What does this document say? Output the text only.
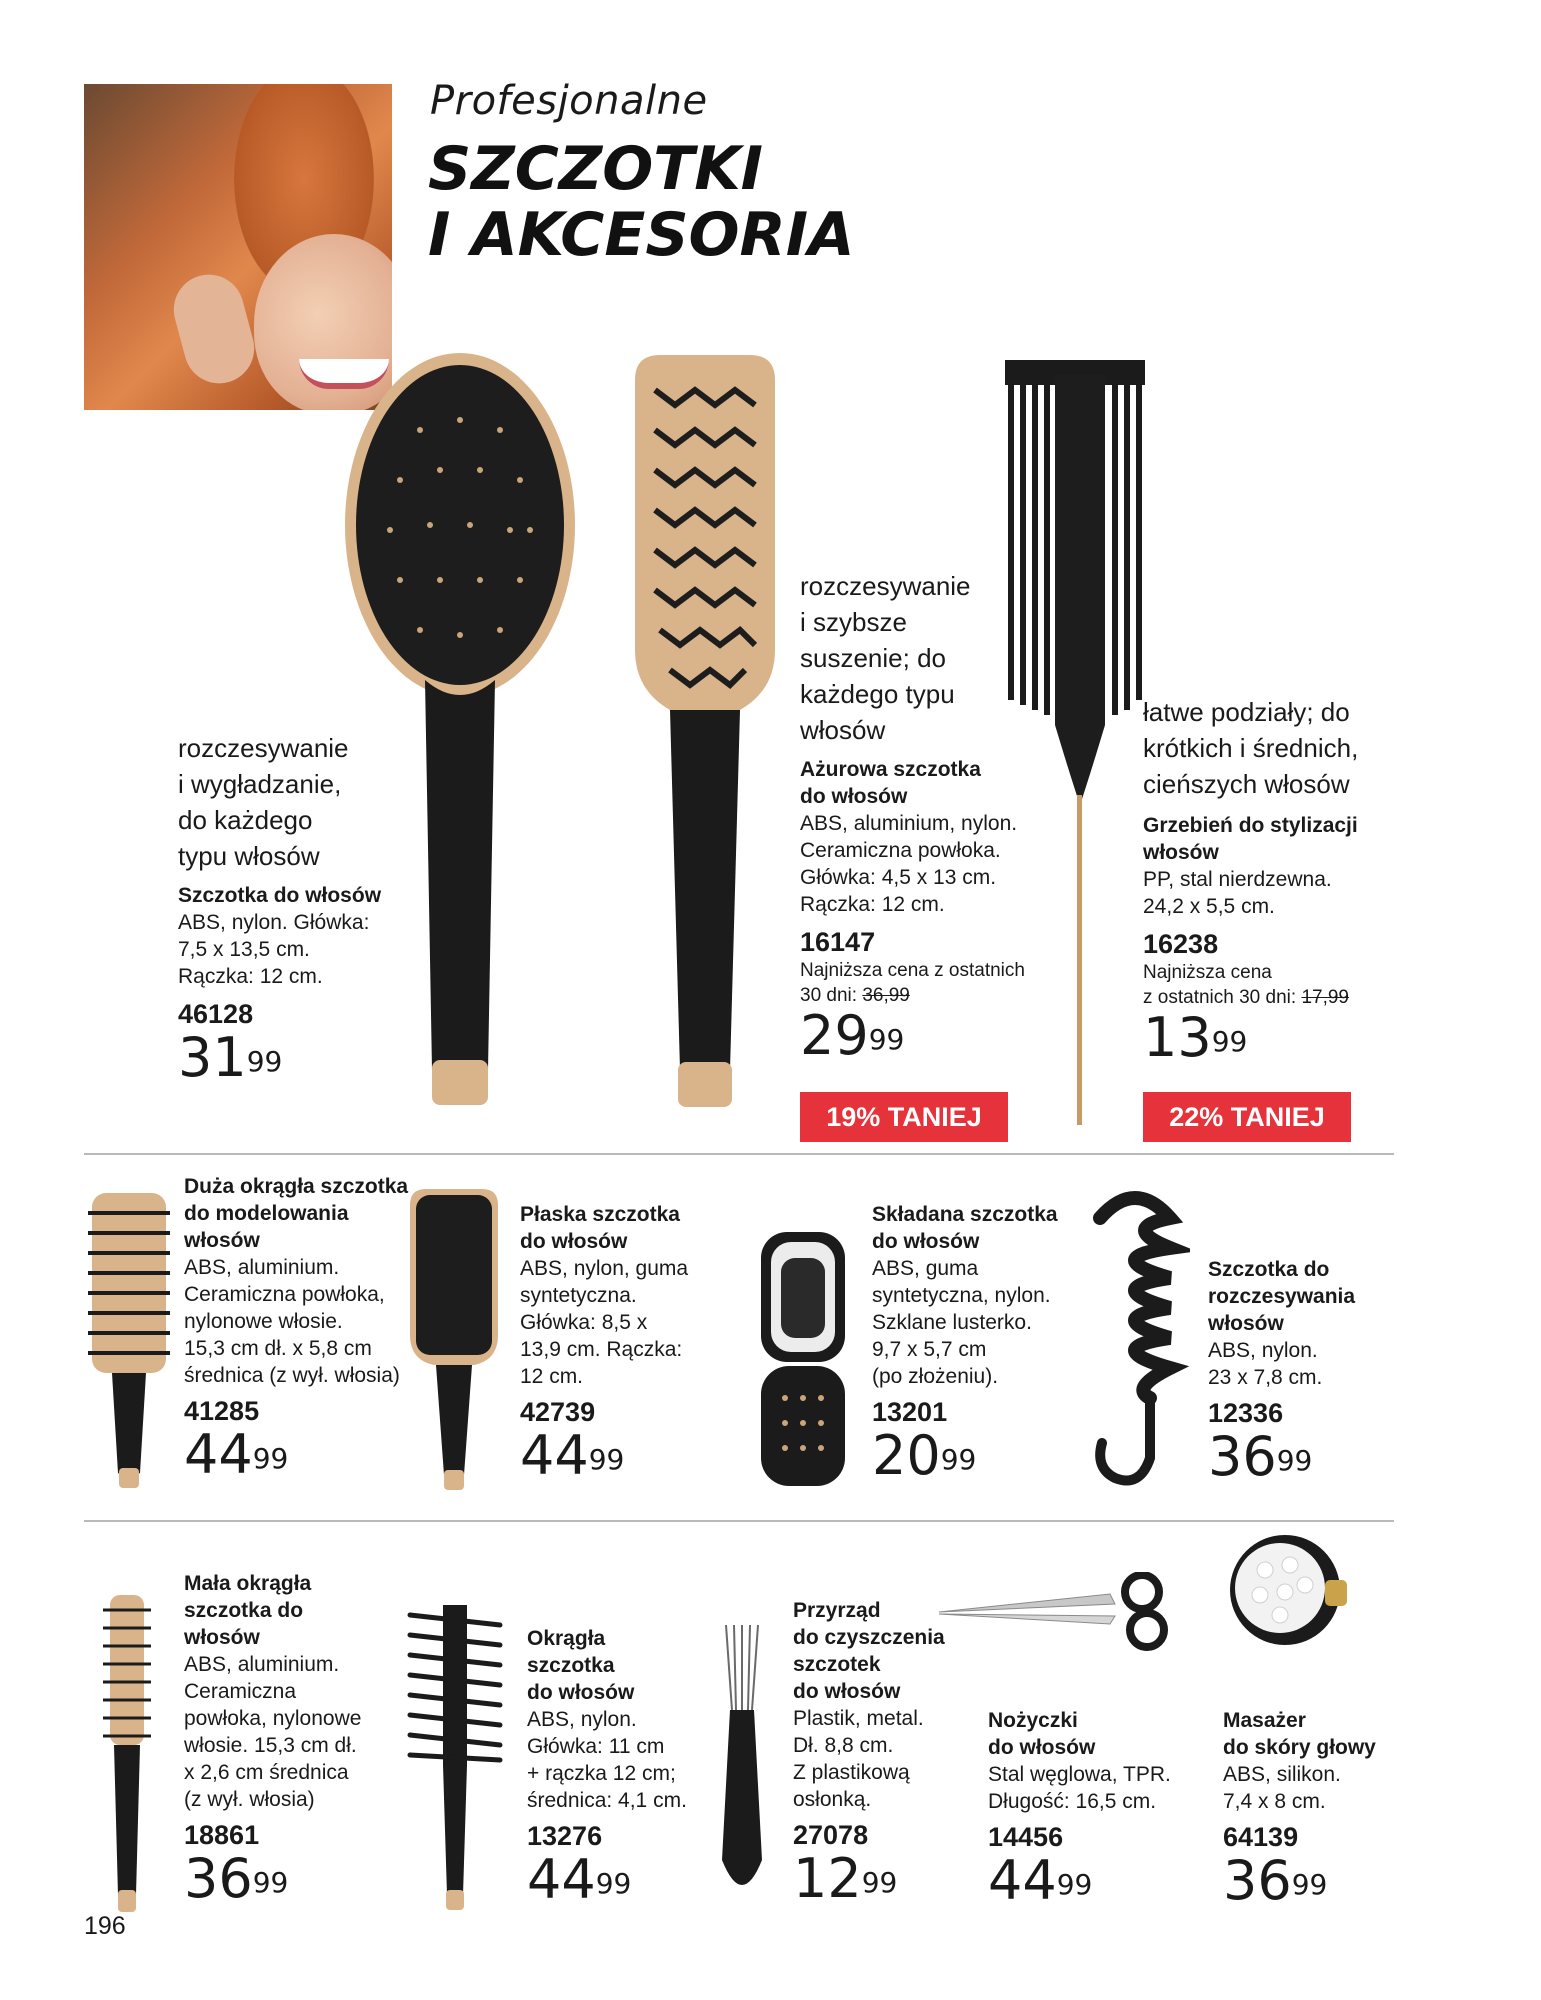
Profesjonalne
SZCZOTKI
I AKCESORIA
rozczesywanie
i wygładzanie,
do każdego
typu włosów
Szczotka do włosów
ABS, nylon. Główka:
7,5 x 13,5 cm.
Rączka: 12 cm.
46128
$31^{99}$
rozczesywanie
i szybsze
suszenie; do
każdego typu
włosów
Ażurowa szczotka
do włosów
ABS, aluminium, nylon.
Ceramiczna powłoka.
Główka: 4,5 x 13 cm.
Rączka: 12 cm.
16147
Najniższa cena z ostatnich
30 dni: 36,99
$29^{99}$
19% TANIEJ
łatwe podziały; do
krótkich i średnich,
cieńszych włosów
Grzebień do stylizacji
włosów
PP, stal nierdzewna.
24,2 x 5,5 cm.
16238
Najniższa cena
z ostatnich 30 dni: 17,99
$13^{99}$
22% TANIEJ
Duża okrągła szczotka
do modelowania
włosów
ABS, aluminium.
Ceramiczna powłoka,
nylonowe włosie.
15,3 cm dł. x 5,8 cm
średnica (z wył. włosia)
41285
$44^{99}$
Płaska szczotka
do włosów
ABS, nylon, guma
syntetyczna.
Główka: 8,5 x
13,9 cm. Rączka:
12 cm.
42739
$44^{99}$
Składana szczotka
do włosów
ABS, guma
syntetyczna, nylon.
Szklane lusterko.
9,7 x 5,7 cm
(po złożeniu).
13201
$20^{99}$
Szczotka do
rozczesywania
włosów
ABS, nylon.
23 x 7,8 cm.
12336
$36^{99}$
Mała okrągła
szczotka do
włosów
ABS, aluminium.
Ceramiczna
powłoka, nylonowe
włosie. 15,3 cm dł.
x 2,6 cm średnica
(z wył. włosia)
18861
$36^{99}$
Okrągła
szczotka
do włosów
ABS, nylon.
Główka: 11 cm
+ rączka 12 cm;
średnica: 4,1 cm.
13276
$44^{99}$
Przyrząd
do czyszczenia
szczotek
do włosów
Plastik, metal.
Dł. 8,8 cm.
Z plastikową
osłonką.
27078
$12^{99}$
Nożyczki
do włosów
Stal węglowa, TPR.
Długość: 16,5 cm.
14456
$44^{99}$
Masażer
do skóry głowy
ABS, silikon.
7,4 x 8 cm.
64139
$36^{99}$
196
